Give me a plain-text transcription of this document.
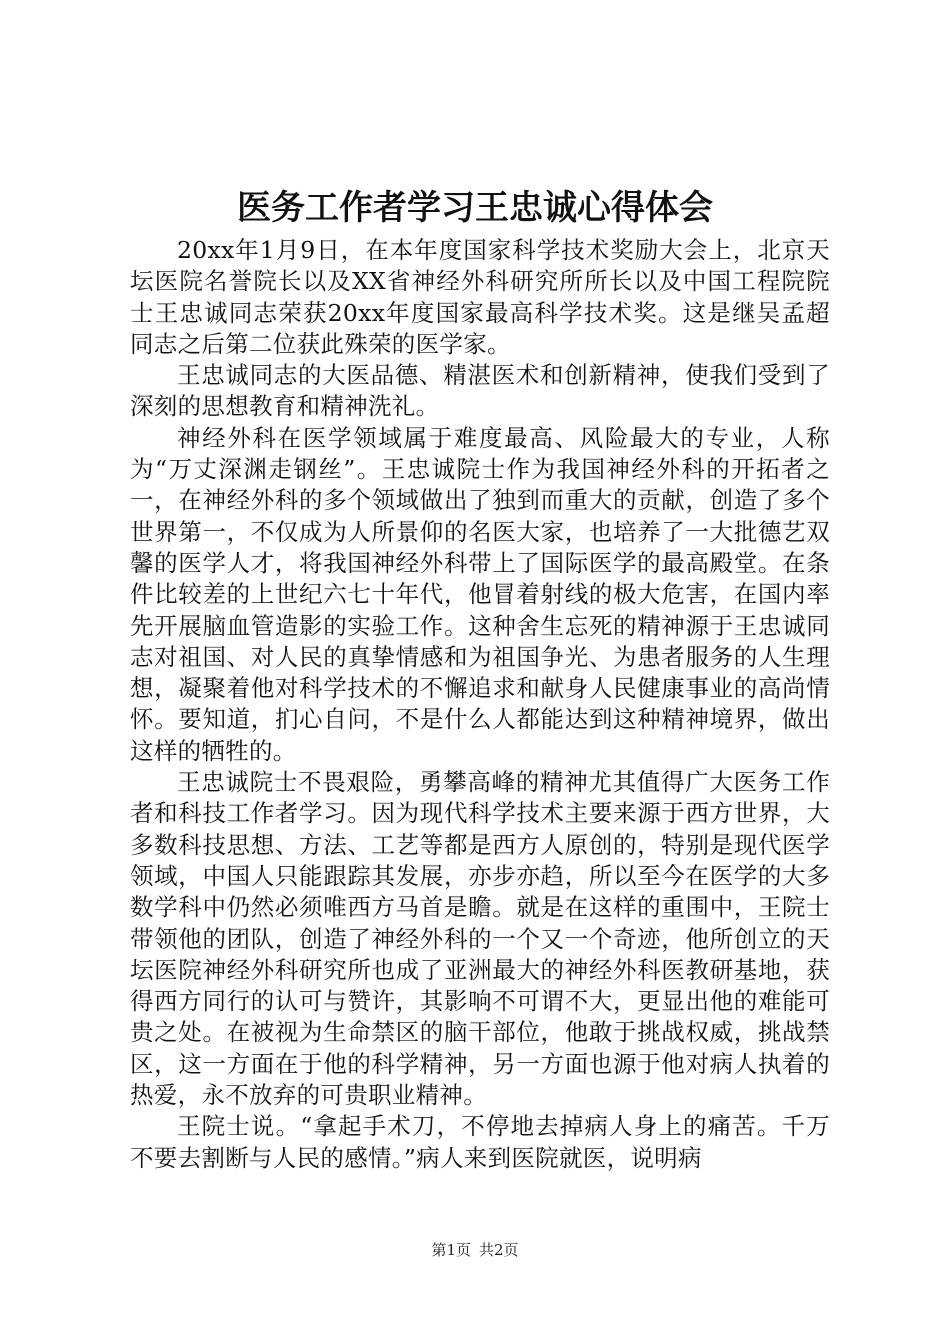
医务工作者学习王忠诚心得体会

20xx年1月9日，在本年度国家科学技术奖励大会上，北京天坛医院名誉院长以及XX省神经外科研究所所长以及中国工程院院士王忠诚同志荣获20xx年度国家最高科学技术奖。这是继吴孟超同志之后第二位获此殊荣的医学家。

王忠诚同志的大医品德、精湛医术和创新精神，使我们受到了深刻的思想教育和精神洗礼。

神经外科在医学领域属于难度最高、风险最大的专业，人称为“万丈深渊走钢丝”。王忠诚院士作为我国神经外科的开拓者之一，在神经外科的多个领域做出了独到而重大的贡献，创造了多个世界第一，不仅成为人所景仰的名医大家，也培养了一大批德艺双馨的医学人才，将我国神经外科带上了国际医学的最高殿堂。在条件比较差的上世纪六七十年代，他冒着射线的极大危害，在国内率先开展脑血管造影的实验工作。这种舍生忘死的精神源于王忠诚同志对祖国、对人民的真挚情感和为祖国争光、为患者服务的人生理想，凝聚着他对科学技术的不懈追求和献身人民健康事业的高尚情怀。要知道，扪心自问，不是什么人都能达到这种精神境界，做出这样的牺牲的。

王忠诚院士不畏艰险，勇攀高峰的精神尤其值得广大医务工作者和科技工作者学习。因为现代科学技术主要来源于西方世界，大多数科技思想、方法、工艺等都是西方人原创的，特别是现代医学领域，中国人只能跟踪其发展，亦步亦趋，所以至今在医学的大多数学科中仍然必须唯西方马首是瞻。就是在这样的重围中，王院士带领他的团队，创造了神经外科的一个又一个奇迹，他所创立的天坛医院神经外科研究所也成了亚洲最大的神经外科医教研基地，获得西方同行的认可与赞许，其影响不可谓不大，更显出他的难能可贵之处。在被视为生命禁区的脑干部位，他敢于挑战权威，挑战禁区，这一方面在于他的科学精神，另一方面也源于他对病人执着的热爱，永不放弃的可贵职业精神。

王院士说。“拿起手术刀，不停地去掉病人身上的痛苦。千万不要去割断与人民的感情。”病人来到医院就医，说明病

第1页 共2页
